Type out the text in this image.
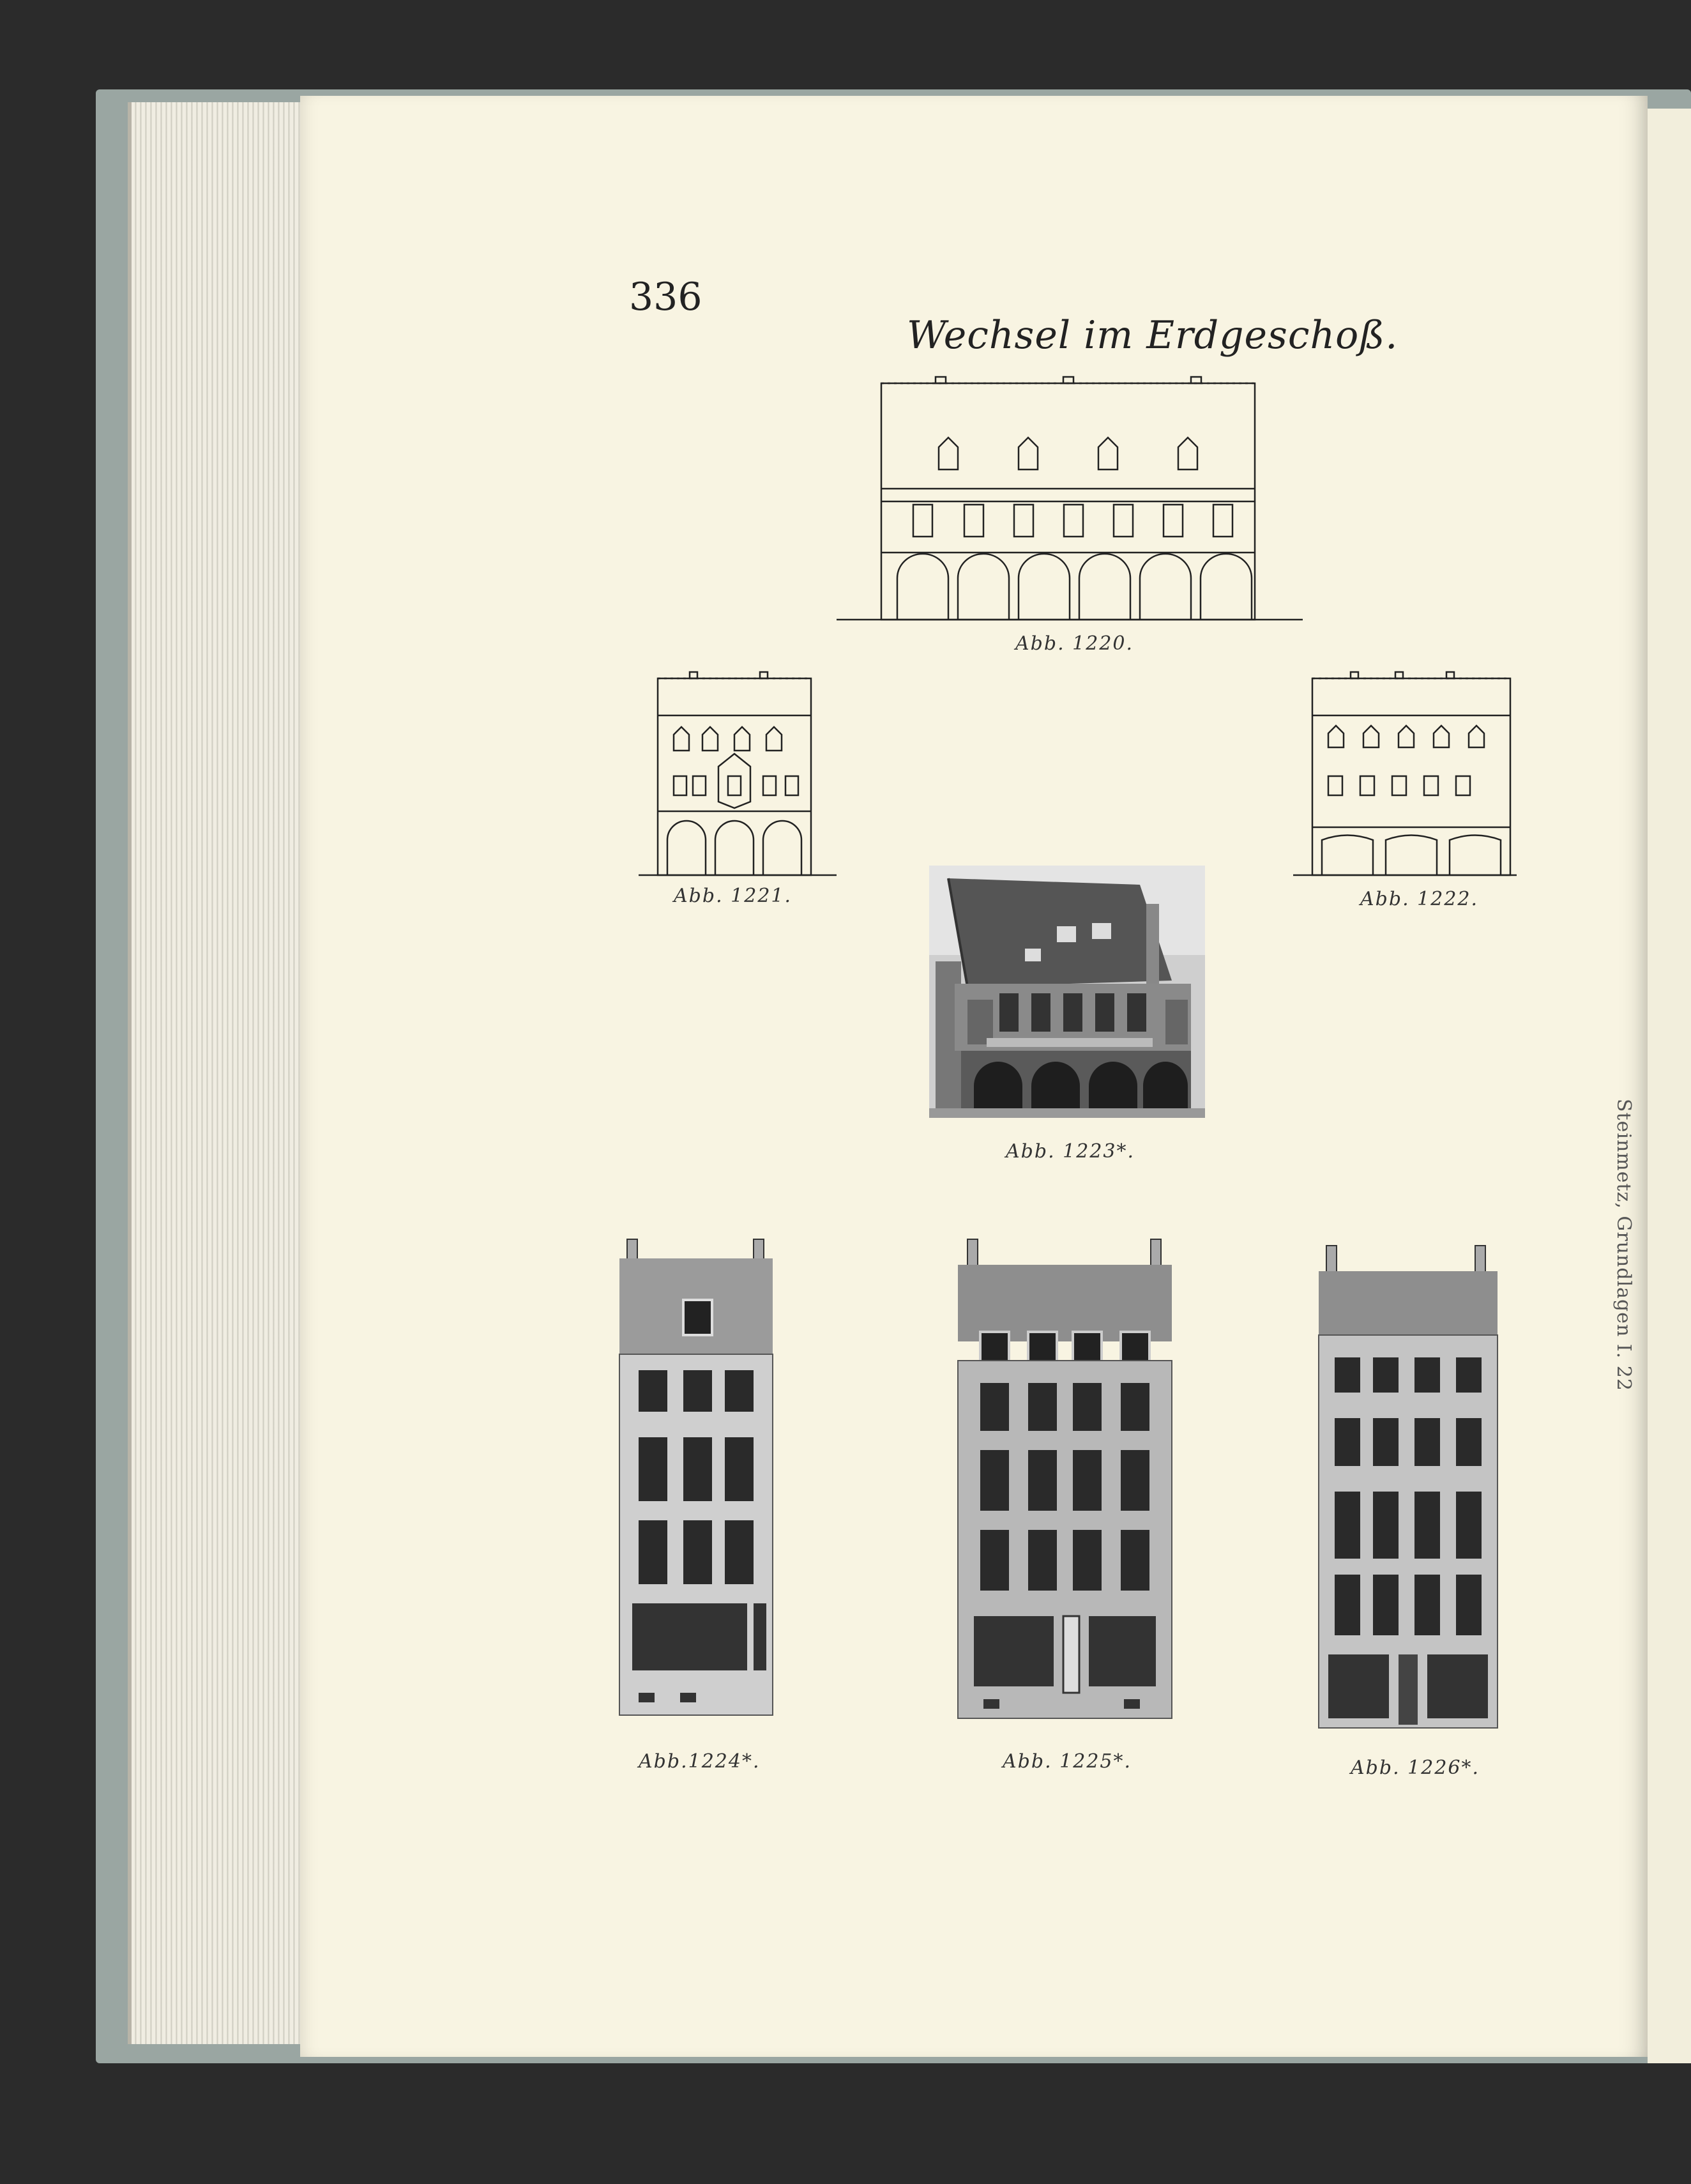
Steinmetz, Grundlagen I. 22
336
Wechsel im Erdgeschoß.
Abb. 1220.
Abb. 1221.	Abb. 1222.
Abb. 1223*.
Abb.1224*.	Abb. 1225*.	Abb. 1226*.
